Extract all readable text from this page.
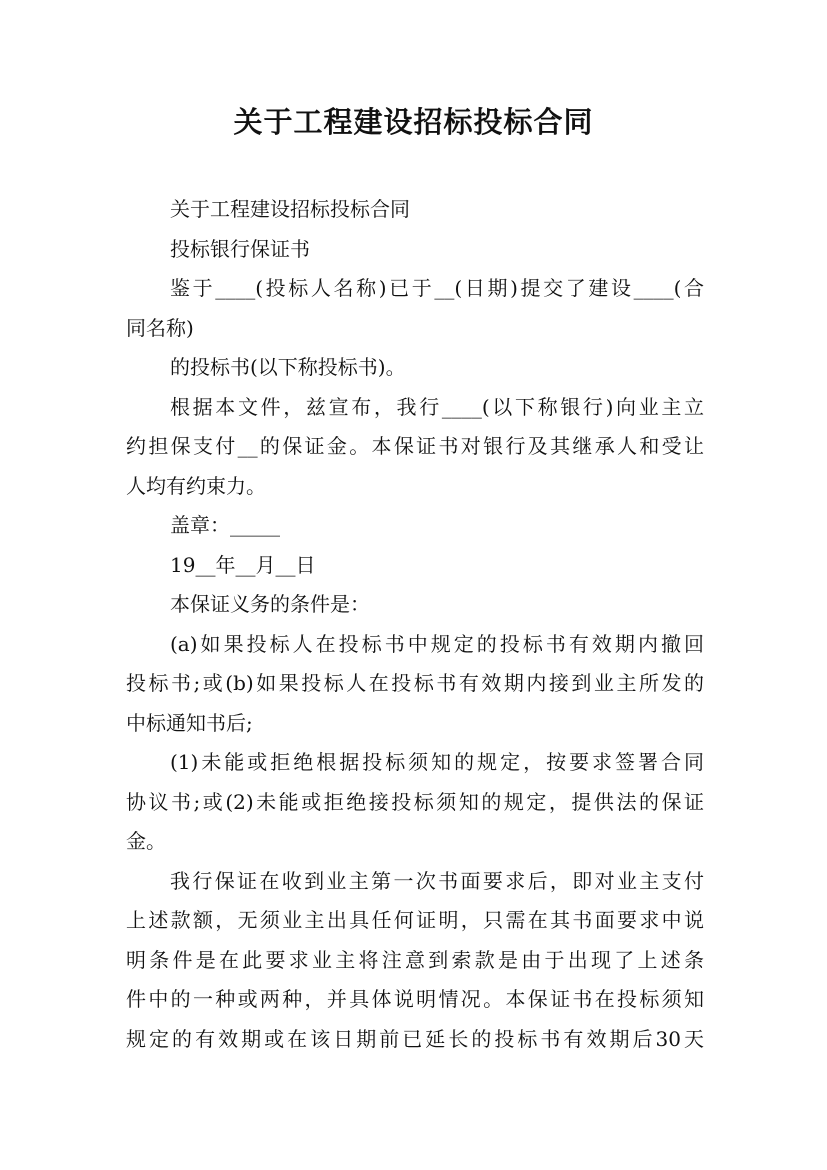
关于工程建设招标投标合同

关于工程建设招标投标合同

投标银行保证书

鉴于____(投标人名称)已于__(日期)提交了建设____(合
同名称)

的投标书(以下称投标书)。

根据本文件，兹宣布，我行____(以下称银行)向业主立
约担保支付__的保证金。本保证书对银行及其继承人和受让
人均有约束力。

盖章：_____

19__年__月__日

本保证义务的条件是：

(a)如果投标人在投标书中规定的投标书有效期内撤回
投标书;或(b)如果投标人在投标书有效期内接到业主所发的
中标通知书后;

(1)未能或拒绝根据投标须知的规定，按要求签署合同
协议书;或(2)未能或拒绝接投标须知的规定，提供法的保证
金。

我行保证在收到业主第一次书面要求后，即对业主支付
上述款额，无须业主出具任何证明，只需在其书面要求中说
明条件是在此要求业主将注意到索款是由于出现了上述条
件中的一种或两种，并具体说明情况。本保证书在投标须知
规定的有效期或在该日期前已延长的投标书有效期后30天
